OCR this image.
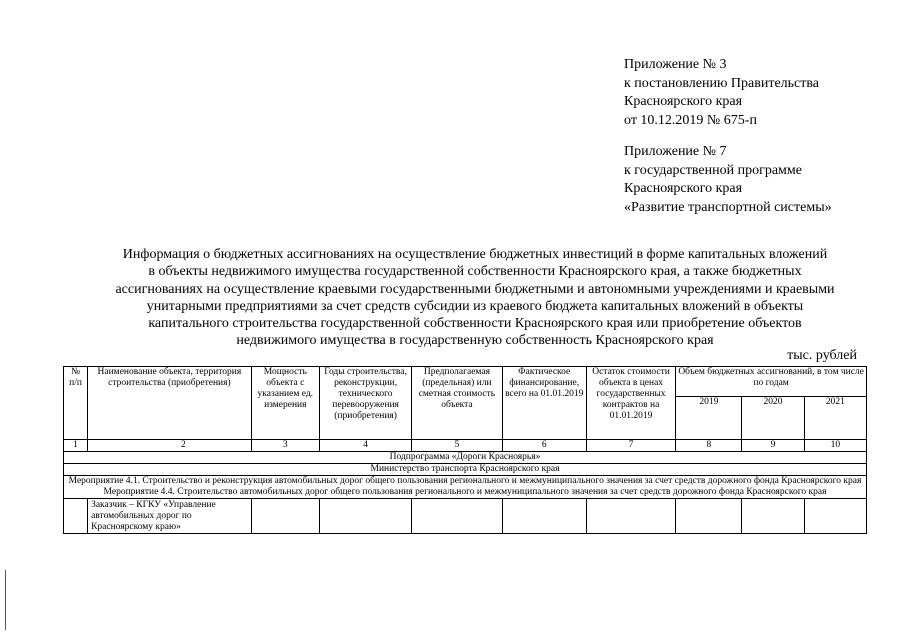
Приложение № 3
к постановлению Правительства
Красноярского края
от 10.12.2019 № 675-п
Приложение № 7
к государственной программе
Красноярского края
«Развитие транспортной системы»
Информация о бюджетных ассигнованиях на осуществление бюджетных инвестиций в форме капитальных вложений
в объекты недвижимого имущества государственной собственности Красноярского края, а также бюджетных
ассигнованиях на осуществление краевыми государственными бюджетными и автономными учреждениями и краевыми
унитарными предприятиями за счет средств субсидии из краевого бюджета капитальных вложений в объекты
капитального строительства государственной собственности Красноярского края или приобретение объектов
недвижимого имущества в государственную собственность Красноярского края
тыс. рублей
№ п/п	Наименование объекта, территория строительства (приобретения)	Мощность объекта с указанием ед. измерения	Годы строительства, реконструкции, технического перевооружения (приобретения)	Предполагаемая (предельная) или сметная стоимость объекта	Фактическое финансирование, всего на 01.01.2019	Остаток стоимости объекта в ценах государственных контрактов на 01.01.2019	Объем бюджетных ассигнований, в том числе по годам		
							2019	2020	2021
1	2	3	4	5	6	7	8	9	10
Подпрограмма «Дороги Красноярья»									
Министерство транспорта Красноярского края									

Мероприятие 4.1. Строительство и реконструкция автомобильных дорог общего пользования регионального и межмуниципального значения за счет средств дорожного фонда Красноярского края
Мероприятие 4.4. Строительство автомобильных дорог общего пользования регионального и межмуниципального значения за счет средств дорожного фонда Красноярского края									

	Заказчик – КГКУ «Управление автомобильных дорог по Красноярскому краю»								
